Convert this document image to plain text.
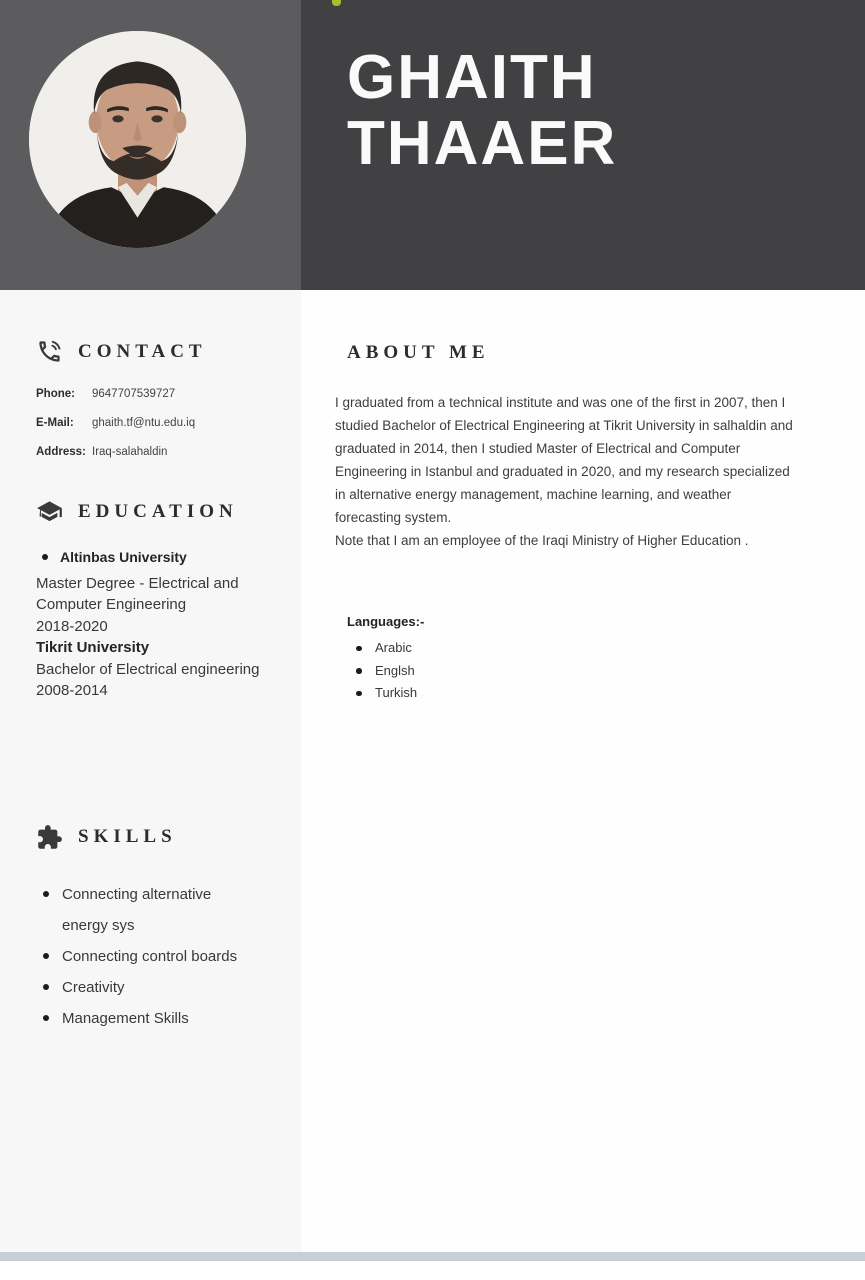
GHAITH
THAAER
CONTACT
Phone:	9647707539727
E-Mail:	ghaith.tf@ntu.edu.iq
Address: Iraq-salahaldin
EDUCATION
Altinbas University
Master Degree - Electrical and Computer Engineering
2018-2020
Tikrit University
Bachelor of Electrical engineering
2008-2014
SKILLS
Connecting alternative energy sys
Connecting control boards
Creativity
Management Skills
ABOUT ME
I graduated from a technical institute and was one of the first in 2007, then I studied Bachelor of Electrical Engineering at Tikrit University in salhaldin and graduated in 2014, then I studied Master of Electrical and Computer Engineering in Istanbul and graduated in 2020, and my research specialized in alternative energy management, machine learning, and weather forecasting system.
Note that I am an employee of the Iraqi Ministry of Higher Education .
Languages:-
Arabic
Englsh
Turkish
